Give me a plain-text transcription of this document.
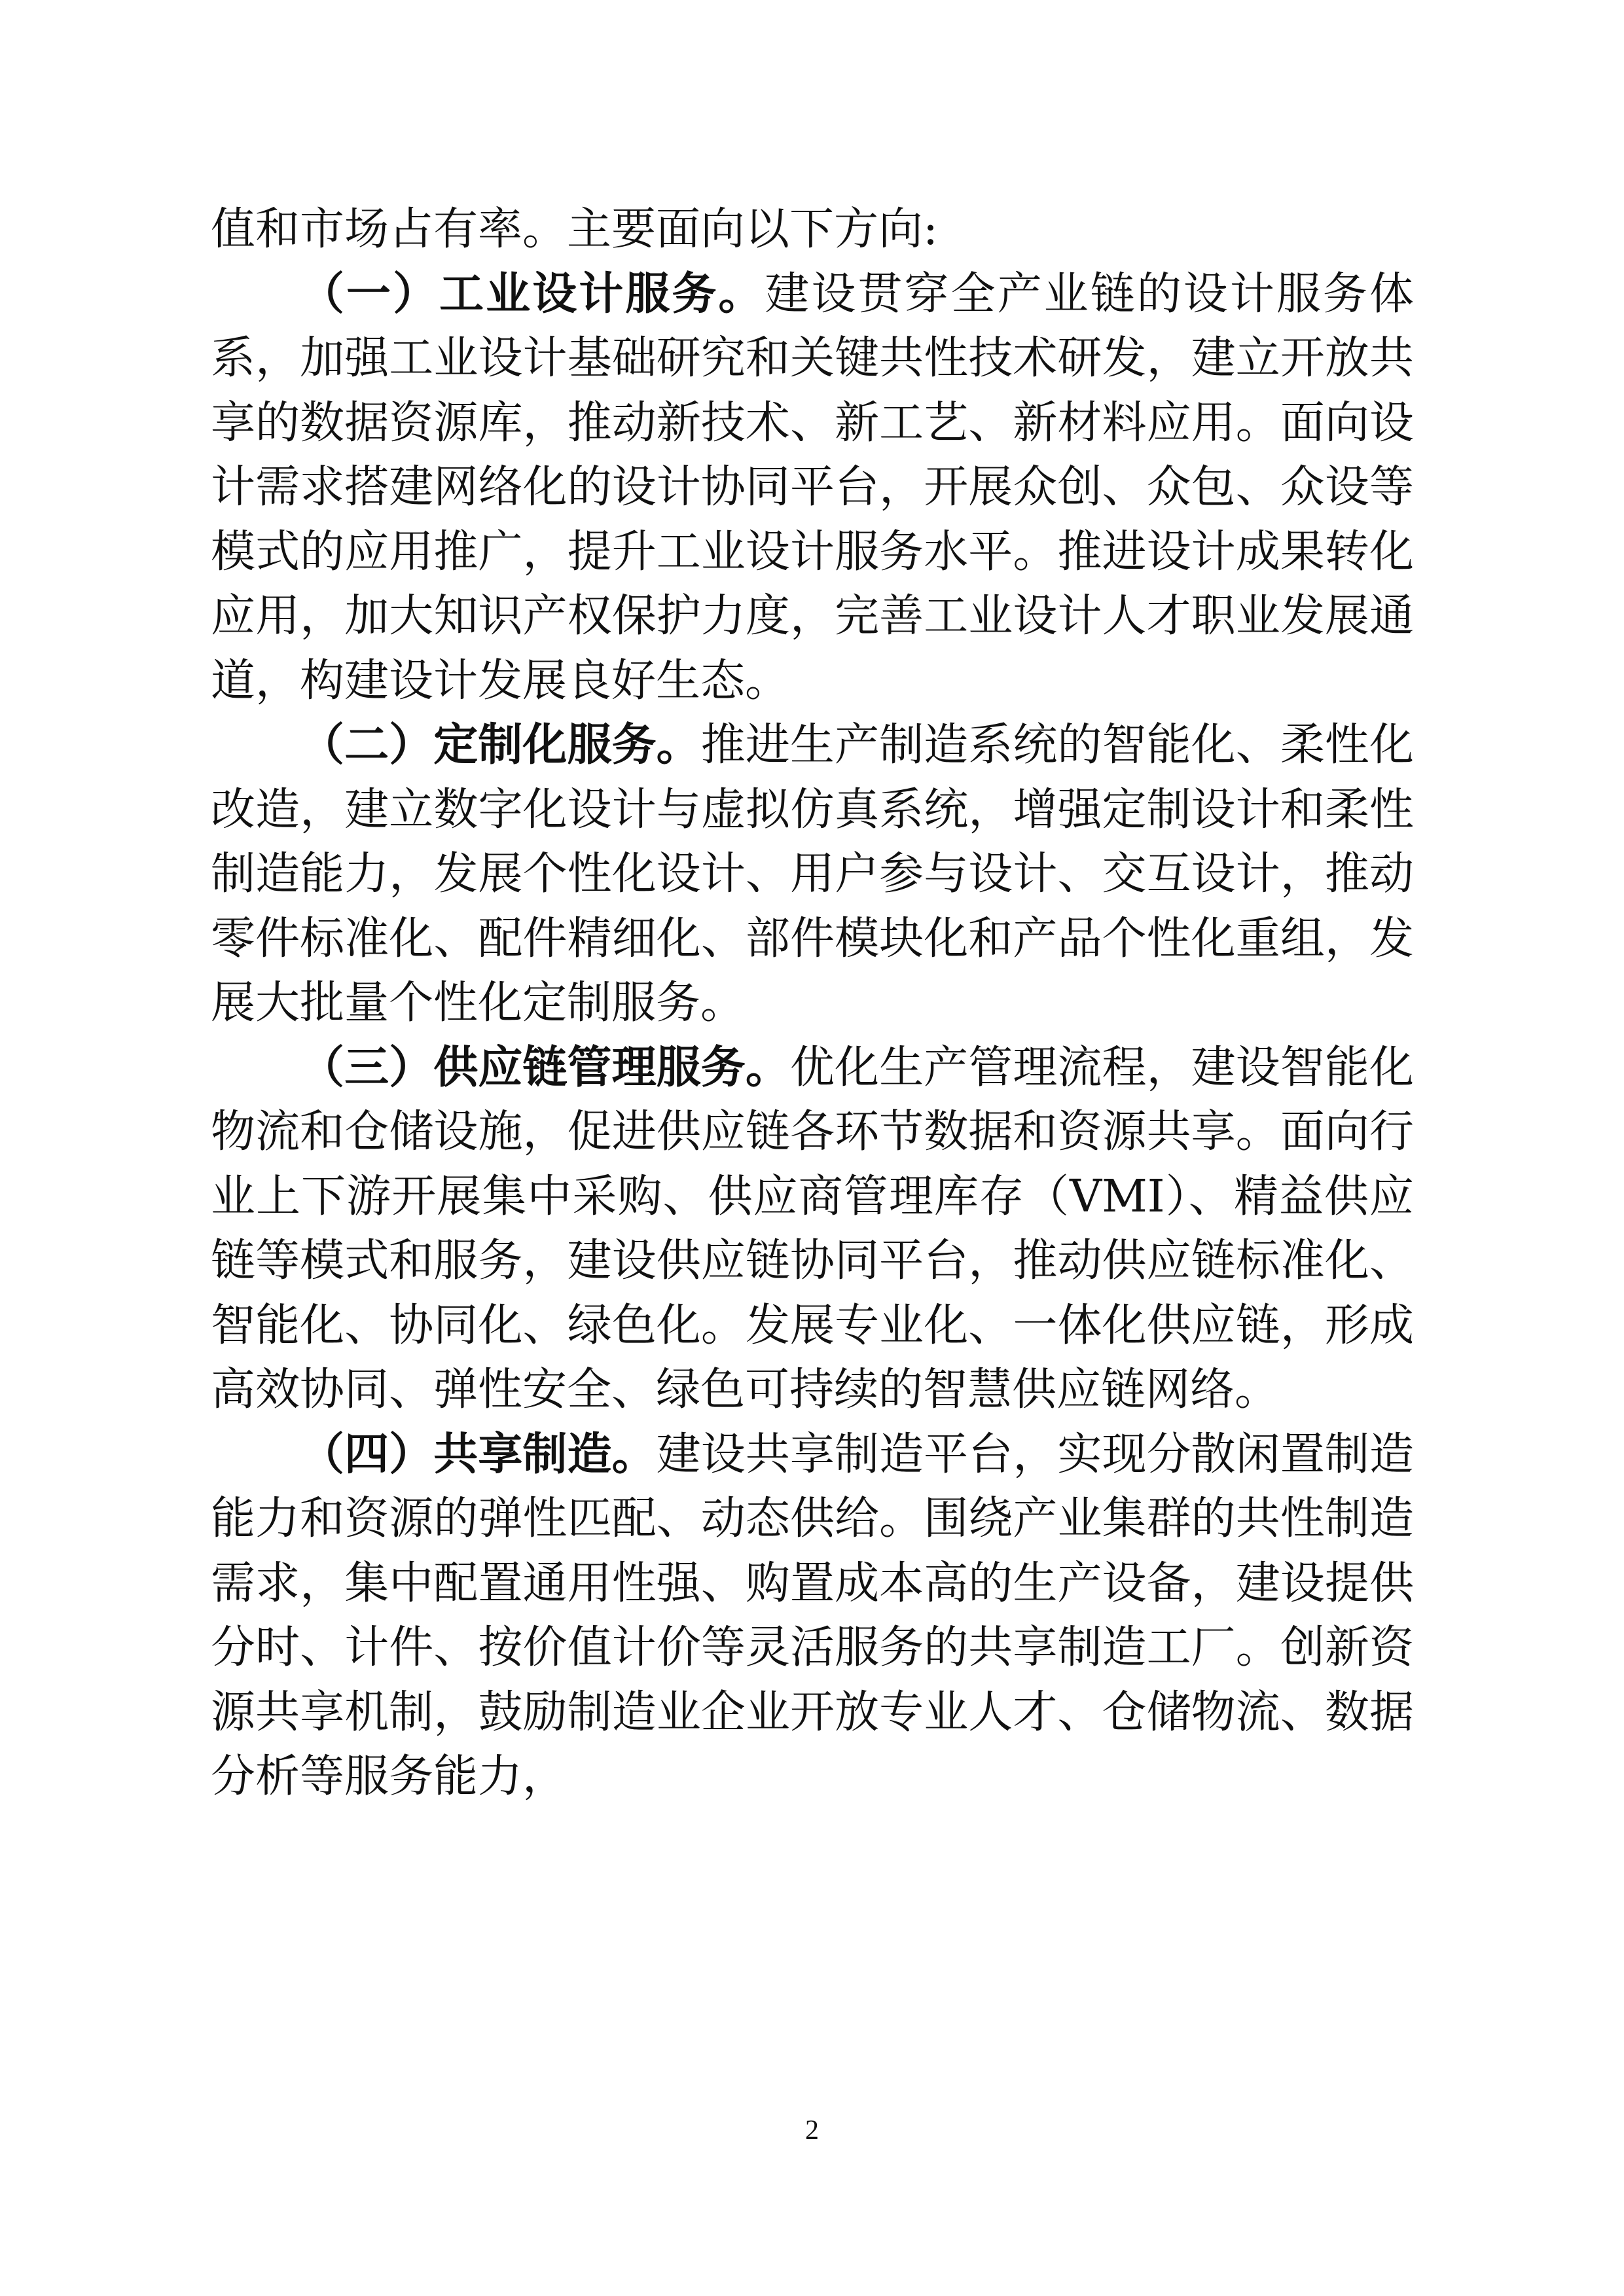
值和市场占有率。主要面向以下方向:

（一）工业设计服务。建设贯穿全产业链的设计服务体系，加强工业设计基础研究和关键共性技术研发，建立开放共享的数据资源库，推动新技术、新工艺、新材料应用。面向设计需求搭建网络化的设计协同平台，开展众创、众包、众设等模式的应用推广，提升工业设计服务水平。推进设计成果转化应用，加大知识产权保护力度，完善工业设计人才职业发展通道，构建设计发展良好生态。

（二）定制化服务。推进生产制造系统的智能化、柔性化改造，建立数字化设计与虚拟仿真系统，增强定制设计和柔性制造能力，发展个性化设计、用户参与设计、交互设计，推动零件标准化、配件精细化、部件模块化和产品个性化重组，发展大批量个性化定制服务。

（三）供应链管理服务。优化生产管理流程，建设智能化物流和仓储设施，促进供应链各环节数据和资源共享。面向行业上下游开展集中采购、供应商管理库存（VMI）、精益供应链等模式和服务，建设供应链协同平台，推动供应链标准化、智能化、协同化、绿色化。发展专业化、一体化供应链，形成高效协同、弹性安全、绿色可持续的智慧供应链网络。

（四）共享制造。建设共享制造平台，实现分散闲置制造能力和资源的弹性匹配、动态供给。围绕产业集群的共性制造需求，集中配置通用性强、购置成本高的生产设备，建设提供分时、计件、按价值计价等灵活服务的共享制造工厂。创新资源共享机制，鼓励制造业企业开放专业人才、仓储物流、数据分析等服务能力，

2
